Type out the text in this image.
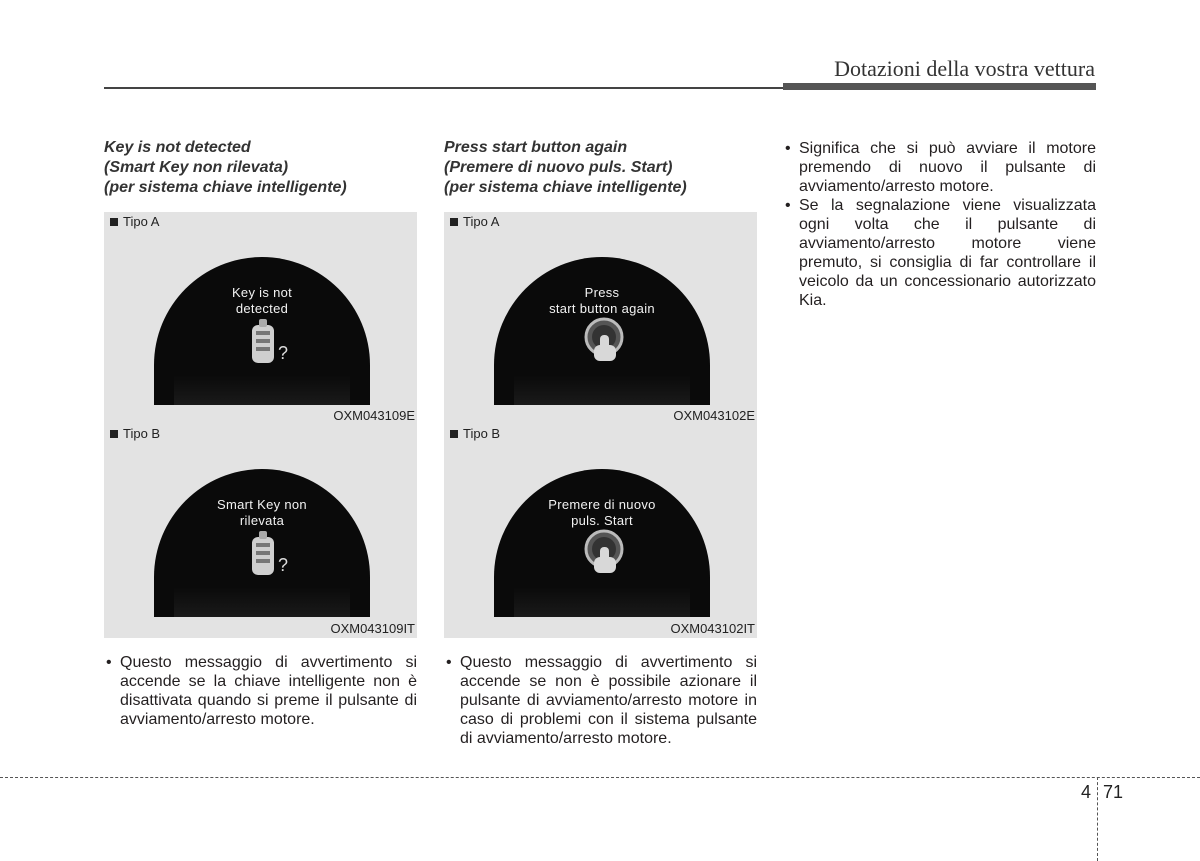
Dotazioni della vostra vettura
Key is not detected
(Smart Key non rilevata)
(per sistema chiave intelligente)
Tipo A
Key is not
detected
?
OXM043109E
Tipo B
Smart Key non
rilevata
?
OXM043109IT
• Questo messaggio di avvertimento si accende se la chiave intelligente non è disattivata quando si preme il pulsante di avviamento/arresto motore.
Press start button again
(Premere di nuovo puls. Start)
(per sistema chiave intelligente)
Tipo A
Press
start button again
OXM043102E
Tipo B
Premere di nuovo
puls. Start
OXM043102IT
• Questo messaggio di avvertimento si accende se non è possibile azionare il pulsante di avviamento/arresto motore in caso di problemi con il sistema pulsante di avviamento/arresto motore.
• Significa che si può avviare il motore premendo di nuovo il pulsante di avviamento/arresto motore.
• Se la segnalazione viene visualizzata ogni volta che il pulsante di avviamento/arresto motore viene premuto, si consiglia di far controllare il veicolo da un concessionario autorizzato Kia.
4 71
